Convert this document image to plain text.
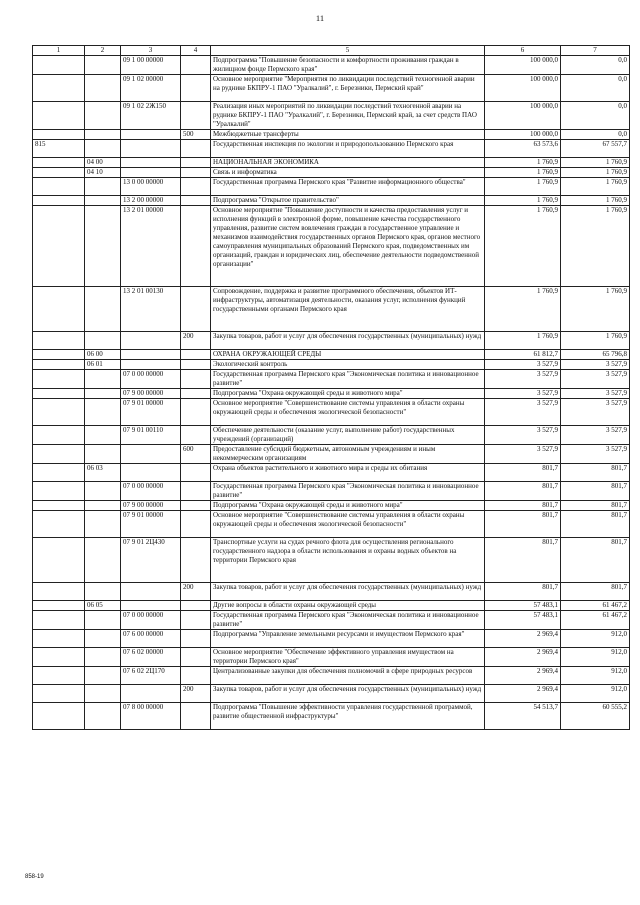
11
1	2	3	4	5	6	7
		09 1 00 00000		Подпрограмма "Повышение безопасности и комфортности проживания граждан в жилищном фонде Пермского края"	100 000,0	0,0
		09 1 02 00000		Основное мероприятие "Мероприятия по ликвидации последствий техногенной аварии на руднике БКПРУ-1 ПАО "Уралкалий", г. Березники, Пермский край"	100 000,0	0,0
		09 1 02 2Ж150		Реализация иных мероприятий по ликвидации последствий техногенной аварии на руднике БКПРУ-1 ПАО "Уралкалий", г. Березники, Пермский край, за счет средств ПАО "Уралкалий"	100 000,0	0,0
			500	Межбюджетные трансферты	100 000,0	0,0
815				Государственная инспекция по экологии и природопользованию Пермского края	63 573,6	67 557,7
	04 00			НАЦИОНАЛЬНАЯ ЭКОНОМИКА	1 760,9	1 760,9
	04 10			Связь и информатика	1 760,9	1 760,9
		13 0 00 00000		Государственная программа Пермского края "Развитие информационного общества"	1 760,9	1 760,9
		13 2 00 00000		Подпрограмма "Открытое правительство"	1 760,9	1 760,9
		13 2 01 00000		Основное мероприятие "Повышение доступности и качества предоставления услуг и исполнения функций в электронной форме, повышение качества государственного управления, развитие систем вовлечения граждан в государственное управление и механизмов взаимодействия государственных органов Пермского края, органов местного самоуправления муниципальных образований Пермского края, подведомственных им организаций, граждан и юридических лиц, обеспечение деятельности подведомственной организации"	1 760,9	1 760,9
		13 2 01 00130		Сопровождение, поддержка и развитие программного обеспечения, объектов ИТ-инфраструктуры, автоматизация деятельности, оказания услуг, исполнения функций государственными органами Пермского края	1 760,9	1 760,9
			200	Закупка товаров, работ и услуг для обеспечения государственных (муниципальных) нужд	1 760,9	1 760,9
	06 00			ОХРАНА ОКРУЖАЮЩЕЙ СРЕДЫ	61 812,7	65 796,8
	06 01			Экологический контроль	3 527,9	3 527,9
		07 0 00 00000		Государственная программа Пермского края "Экономическая политика и инновационное развитие"	3 527,9	3 527,9
		07 9 00 00000		Подпрограмма "Охрана окружающей среды и животного мира"	3 527,9	3 527,9
		07 9 01 00000		Основное мероприятие "Совершенствование системы управления в области охраны окружающей среды и обеспечения экологической безопасности"	3 527,9	3 527,9
		07 9 01 00110		Обеспечение деятельности (оказание услуг, выполнение работ) государственных учреждений (организаций)	3 527,9	3 527,9
			600	Предоставление субсидий бюджетным, автономным учреждениям и иным некоммерческим организациям	3 527,9	3 527,9
	06 03			Охрана объектов растительного и животного мира и среды их обитания	801,7	801,7
		07 0 00 00000		Государственная программа Пермского края "Экономическая политика и инновационное развитие"	801,7	801,7
		07 9 00 00000		Подпрограмма "Охрана окружающей среды и животного мира"	801,7	801,7
		07 9 01 00000		Основное мероприятие "Совершенствование системы управления в области охраны окружающей среды и обеспечения экологической безопасности"	801,7	801,7
		07 9 01 2Ц430		Транспортные услуги на судах речного флота для осуществления регионального государственного надзора в области использования и охраны водных объектов на территории Пермского края	801,7	801,7
			200	Закупка товаров, работ и услуг для обеспечения государственных (муниципальных) нужд	801,7	801,7
	06 05			Другие вопросы в области охраны окружающей среды	57 483,1	61 467,2
		07 0 00 00000		Государственная программа Пермского края "Экономическая политика и инновационное развитие"	57 483,1	61 467,2
		07 6 00 00000		Подпрограмма "Управление земельными ресурсами и имуществом Пермского края"	2 969,4	912,0
		07 6 02 00000		Основное мероприятие "Обеспечение эффективного управления имуществом на территории Пермского края"	2 969,4	912,0
		07 6 02 2Ц170		Централизованные закупки для обеспечения полномочий в сфере природных ресурсов	2 969,4	912,0
			200	Закупка товаров, работ и услуг для обеспечения государственных (муниципальных) нужд	2 969,4	912,0
		07 8 00 00000		Подпрограмма "Повышение эффективности управления государственной программой, развитие общественной инфраструктуры"	54 513,7	60 555,2
858-19
